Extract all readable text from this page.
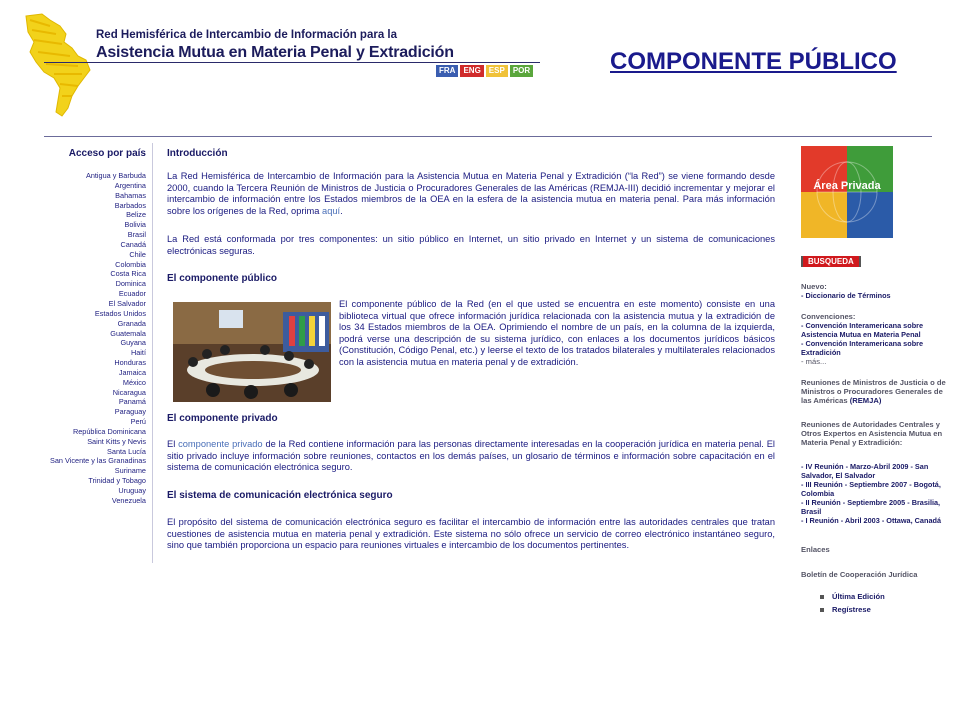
Red Hemisférica de Intercambio de Información para la
Asistencia Mutua en Materia Penal y Extradición
FRA	ENG	ESP	POR	COMPONENTE PÚBLICO
Acceso por país
Antigua y Barbuda
Argentina
Bahamas
Barbados
Belize
Bolivia
Brasil
Canadá
Chile
Colombia
Costa Rica
Dominica
Ecuador
El Salvador
Estados Unidos
Granada
Guatemala
Guyana
Haití
Honduras
Jamaica
México
Nicaragua
Panamá
Paraguay
Perú
República Dominicana
Saint Kitts y Nevis
Santa Lucía
San Vicente y las Granadinas
Suriname
Trinidad y Tobago
Uruguay
Venezuela
Introducción
La Red Hemisférica de Intercambio de Información para la Asistencia Mutua en Materia Penal y Extradición (“la Red”) se viene formando desde 2000, cuando la Tercera Reunión de Ministros de Justicia o Procuradores Generales de las Américas (REMJA-III) decidió incrementar y mejorar el intercambio de información entre los Estados miembros de la OEA en la esfera de la asistencia mutua en materia penal. Para más información sobre los orígenes de la Red, oprima aquí.
La Red está conformada por tres componentes: un sitio público en Internet, un sitio privado en Internet y un sistema de comunicaciones electrónicas seguras.
El componente público
El componente público de la Red (en el que usted se encuentra en este momento) consiste en una biblioteca virtual que ofrece información jurídica relacionada con la asistencia mutua y la extradición de los 34 Estados miembros de la OEA. Oprimiendo el nombre de un país, en la columna de la izquierda, podrá verse una descripción de su sistema jurídico, con enlaces a los documentos jurídicos básicos (Constitución, Código Penal, etc.) y leerse el texto de los tratados bilaterales y multilaterales relacionados con la asistencia mutua en materia penal y de extradición.
El componente privado
El componente privado de la Red contiene información para las personas directamente interesadas en la cooperación jurídica en materia penal. El sitio privado incluye información sobre reuniones, contactos en los demás países, un glosario de términos e información sobre capacitación en el sistema de comunicación electrónica seguro.
El sistema de comunicación electrónica seguro
El propósito del sistema de comunicación electrónica seguro es facilitar el intercambio de información entre las autoridades centrales que tratan cuestiones de asistencia mutua en materia penal y extradición. Este sistema no sólo ofrece un servicio de correo electrónico instantáneo seguro, sino que también proporciona un espacio para reuniones virtuales e intercambio de los documentos pertinentes.
Área Privada
BUSQUEDA
Nuevo:
- Diccionario de Términos
Convenciones:
- Convención Interamericana sobre Asistencia Mutua en Materia Penal
- Convención Interamericana sobre Extradición
- más...
Reuniones de Ministros de Justicia o de Ministros o Procuradores Generales de las Américas (REMJA)
Reuniones de Autoridades Centrales y Otros Expertos en Asistencia Mutua en Materia Penal y Extradición:
- IV Reunión - Marzo-Abril 2009 - San Salvador, El Salvador
- III Reunión - Septiembre 2007 - Bogotá, Colombia
- II Reunión - Septiembre 2005 - Brasilia, Brasil
- I Reunión - Abril 2003 - Ottawa, Canadá
Enlaces
Boletín de Cooperación Jurídica
Última Edición
Regístrese
